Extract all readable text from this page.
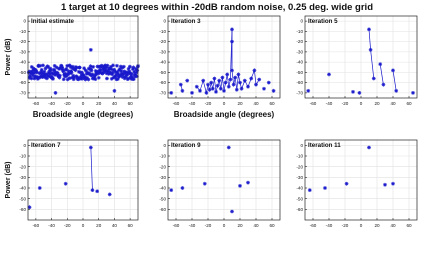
1 target at 10 degrees within -20dB random noise, 0.25 deg. wide grid
-60 -40 -20 0	20 40 60
-70
-60
-50
-40
-30
-20
-10
0 Initial estimate
Broadside angle (degrees)
Power (dB)
-60 -40 -20 0	20 40 60
-70
-60
-50
-40
-30
-20
-10
0 Iteration 3
Broadside angle (degrees)
-60 -40 -20 0	20 40 60
-70
-60
-50
-40
-30
-20
-10
0 Iteration 5
-60 -40 -20 0	20 40 60
-60
-50
-40
-30
-20
-10
0 Iteration 7
Power (dB)
-60 -40 -20 0	20 40 60
-60
-50
-40
-30
-20
-10
0 Iteration 9
-60 -40 -20 0	20 40 60
-60
-50
-40
-30
-20
-10
0 Iteration 11
